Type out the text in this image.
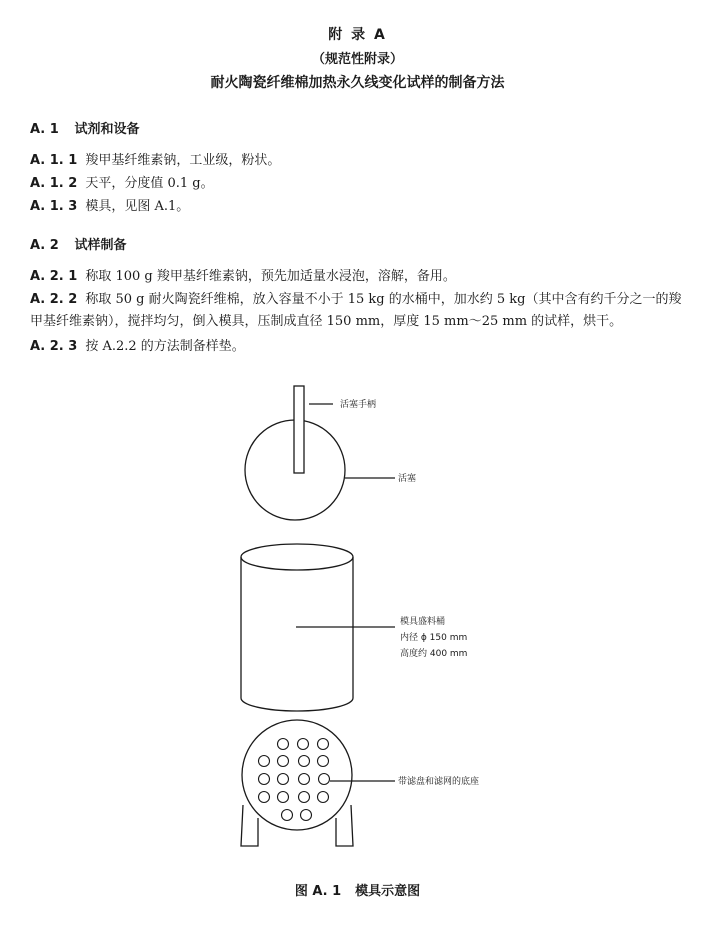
附 录 A
（规范性附录）
耐火陶瓷纤维棉加热永久线变化试样的制备方法
A. 1 试剂和设备
A. 1. 1 羧甲基纤维素钠，工业级，粉状。
A. 1. 2 天平，分度值 0.1 g。
A. 1. 3 模具，见图 A.1。
A. 2 试样制备
A. 2. 1 称取 100 g 羧甲基纤维素钠，预先加适量水浸泡，溶解，备用。
A. 2. 2 称取 50 g 耐火陶瓷纤维棉，放入容量不小于 15 kg 的水桶中，加水约 5 kg（其中含有约千分之一的羧甲基纤维素钠），搅拌均匀，倒入模具，压制成直径 150 mm，厚度 15 mm～25 mm 的试样，烘干。
A. 2. 3 按 A.2.2 的方法制备样垫。
活塞手柄
活塞
模具盛料桶
内径 ϕ 150 mm
高度约 400 mm
带滤盘和滤网的底座
图 A. 1 模具示意图
